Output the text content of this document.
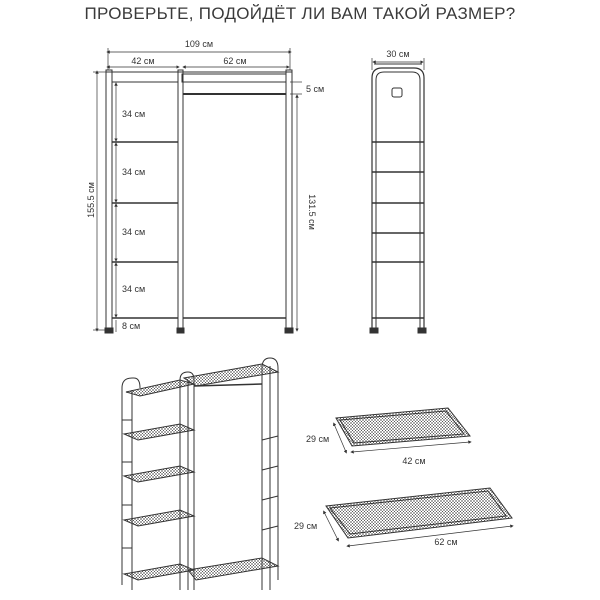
ПРОВЕРЬТЕ, ПОДОЙДЁТ ЛИ ВАМ ТАКОЙ РАЗМЕР?
109 см
42 см	62 см
34 см
34 см
34 см
34 см
8 см
5 см
155.5 см	131.5 см
30 см
29 см
42 см
29 см
62 см
